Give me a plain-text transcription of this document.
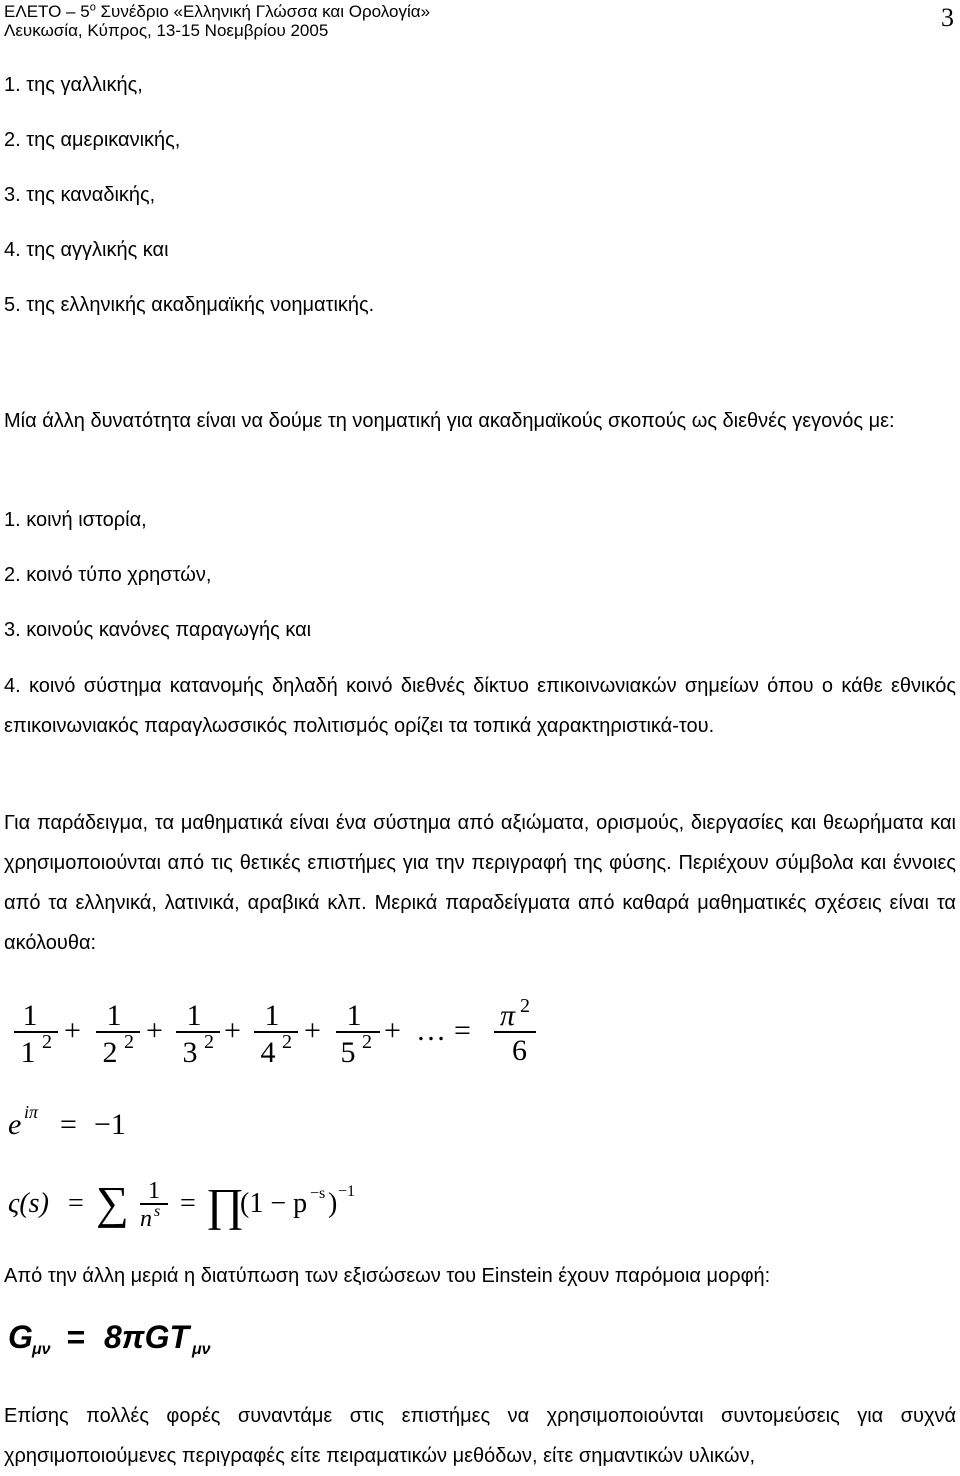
ΕΛΕΤΟ – $5^o$ Συνέδριο «Ελληνική Γλώσσα και Ορολογία»
Λευκωσία, Κύπρος, 13-15 Νοεμβρίου 2005	3
1. της γαλλικής,
2. της αμερικανικής,
3. της καναδικής,
4. της αγγλικής και
5. της ελληνικής ακαδημαϊκής νοηματικής.
Μία άλλη δυνατότητα είναι να δούμε τη νοηματική για ακαδημαϊκούς σκοπούς ως διεθνές γεγονός με:
1. κοινή ιστορία,
2. κοινό τύπο χρηστών,
3. κοινούς κανόνες παραγωγής και
4. κοινό σύστημα κατανομής δηλαδή κοινό διεθνές δίκτυο επικοινωνιακών σημείων όπου ο κάθε εθνικός επικοινωνιακός παραγλωσσικός πολιτισμός ορίζει τα τοπικά χαρακτηριστικά-του.
Για παράδειγμα, τα μαθηματικά είναι ένα σύστημα από αξιώματα, ορισμούς, διεργασίες και θεωρήματα και χρησιμοποιούνται από τις θετικές επιστήμες για την περιγραφή της φύσης. Περιέχουν σύμβολα και έννοιες από τα ελληνικά, λατινικά, αραβικά κλπ. Μερικά παραδείγματα από καθαρά μαθηματικές σχέσεις είναι τα ακόλουθα:
1
1 2 + 1
2 2 + 1
3 2 + 1
4 2 + 1
5 2 + … = π 2
6
e iπ = −1
ς(s) = ∑ 1
n s = ∏
(1 − p −s ) −1
Από την άλλη μεριά η διατύπωση των εξισώσεων του Einstein έχουν παρόμοια μορφή:
G μν = 8πGT μν
Επίσης πολλές φορές συναντάμε στις επιστήμες να χρησιμοποιούνται συντομεύσεις για συχνά χρησιμοποιούμενες περιγραφές είτε πειραματικών μεθόδων, είτε σημαντικών υλικών,
